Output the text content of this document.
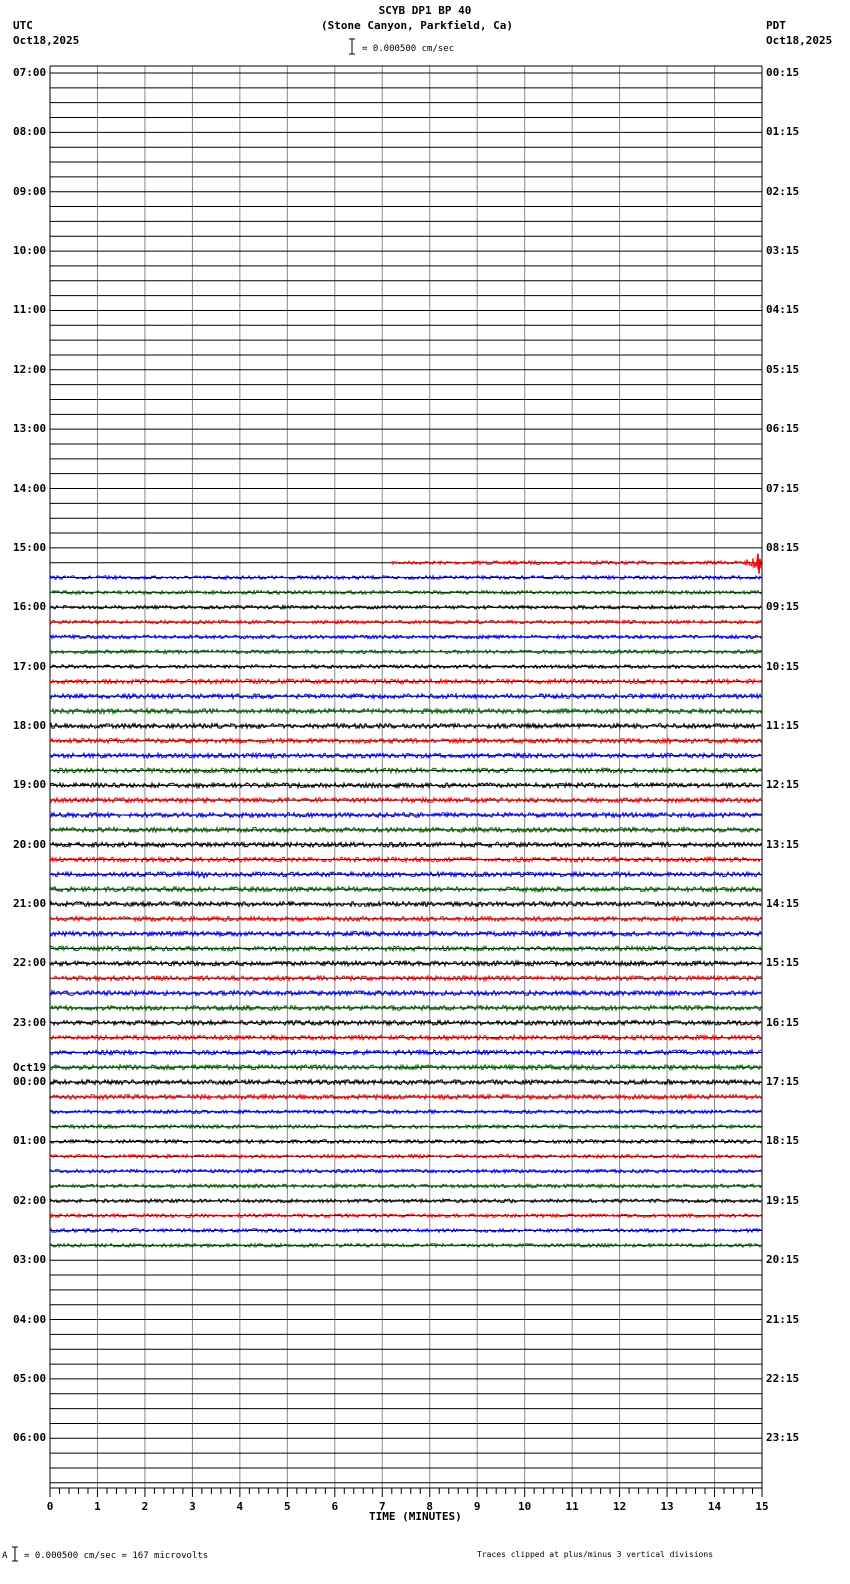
SCYB DP1 BP 40
(Stone Canyon, Parkfield, Ca)
UTC
Oct18,2025
PDT
Oct18,2025
= 0.000500 cm/sec
A = 0.000500 cm/sec = 167 microvolts	Traces clipped at plus/minus 3 vertical divisions
TIME (MINUTES)
0	1	2	3	4	5	6	7	8	9	10	11	12	13	14	15
07:00
08:00
09:00
10:00
11:00
12:00
13:00
14:00
15:00
16:00
17:00
18:00
19:00
20:00
21:00
22:00
23:00
00:00
01:00
02:00
03:00
04:00
05:00
06:00
00:15
01:15
02:15
03:15
04:15
05:15
06:15
07:15
08:15
09:15
10:15
11:15
12:15
13:15
14:15
15:15
16:15
17:15
18:15
19:15
20:15
21:15
22:15
23:15
Oct19
